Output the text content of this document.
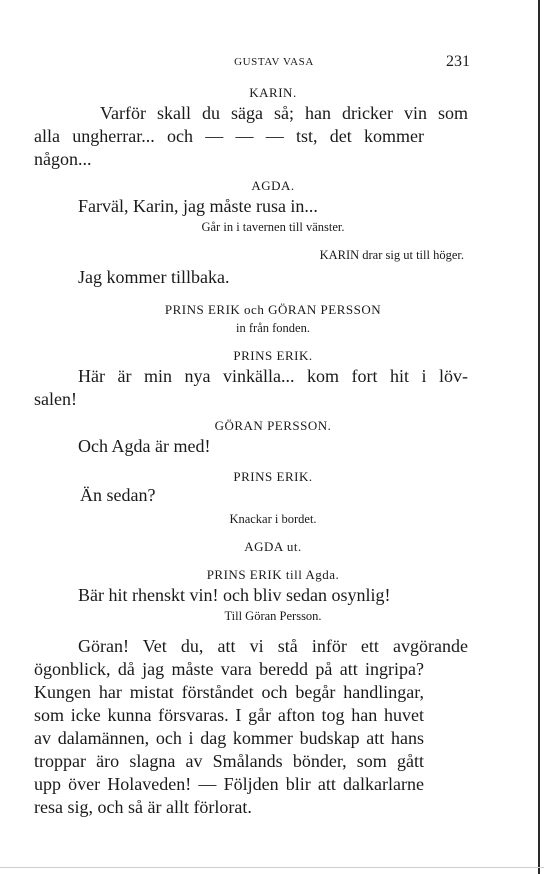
GUSTAV VASA	231
KARIN.
Varför skall du säga så; han dricker vin som
alla ungherrar... och — — — tst, det kommer
någon...
AGDA.
Farväl, Karin, jag måste rusa in...
Går in i tavernen till vänster.
KARIN drar sig ut till höger.
Jag kommer tillbaka.
PRINS ERIK och GÖRAN PERSSON
in från fonden.
PRINS ERIK.
Här är min nya vinkälla... kom fort hit i löv-
salen!
GÖRAN PERSSON.
Och Agda är med!
PRINS ERIK.
Än sedan?
Knackar i bordet.
AGDA ut.
PRINS ERIK till Agda.
Bär hit rhenskt vin! och bliv sedan osynlig!
Till Göran Persson.
Göran! Vet du, att vi stå inför ett avgörande
ögonblick, då jag måste vara beredd på att ingripa?
Kungen har mistat förståndet och begår handlingar,
som icke kunna försvaras. I går afton tog han huvet
av dalamännen, och i dag kommer budskap att hans
troppar äro slagna av Smålands bönder, som gått
upp över Holaveden! — Följden blir att dalkarlarne
resa sig, och så är allt förlorat.
